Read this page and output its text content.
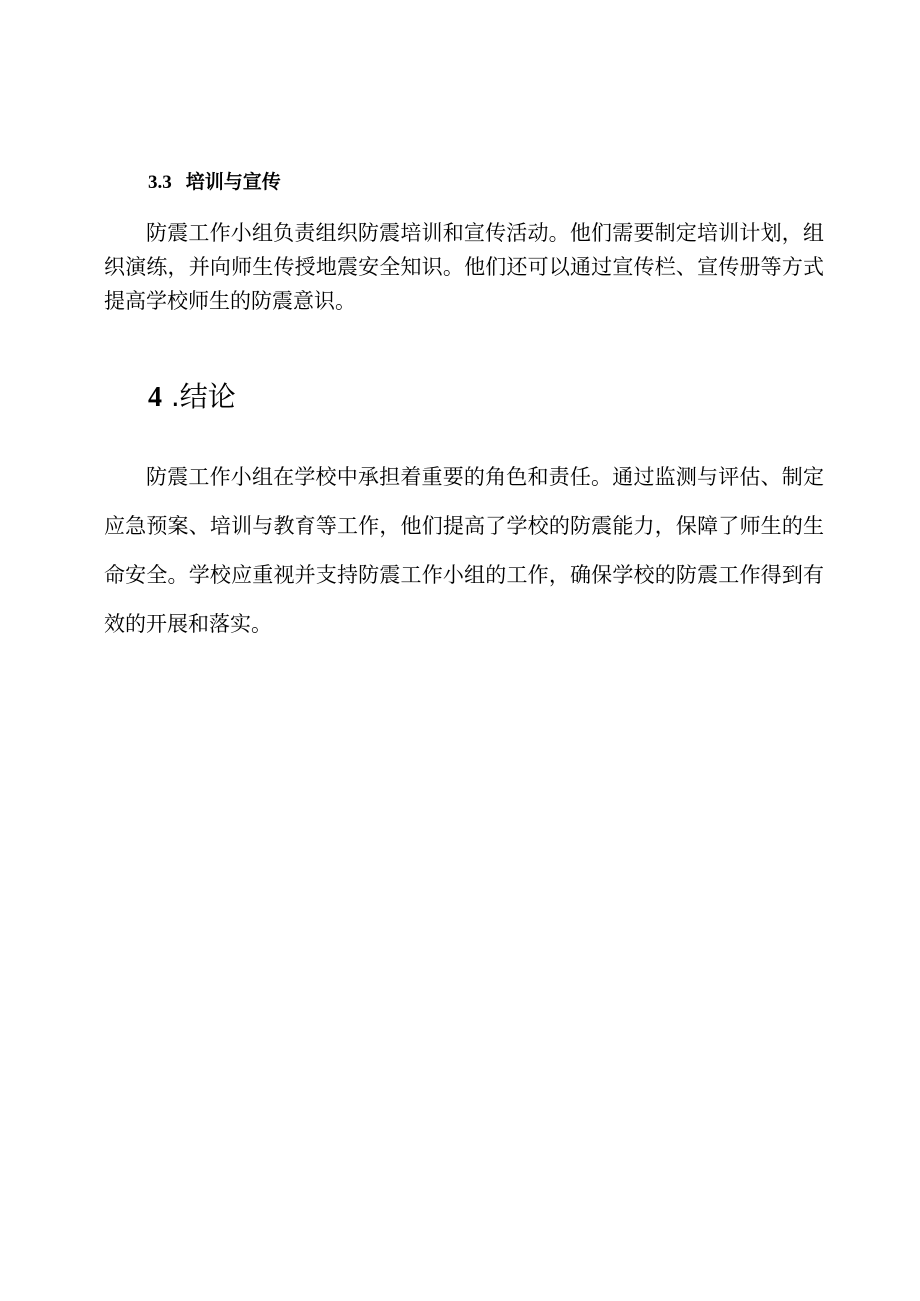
3.3 培训与宣传

防震工作小组负责组织防震培训和宣传活动。他们需要制定培训计划，组织演练，并向师生传授地震安全知识。他们还可以通过宣传栏、宣传册等方式提高学校师生的防震意识。

4 .结论

防震工作小组在学校中承担着重要的角色和责任。通过监测与评估、制定应急预案、培训与教育等工作，他们提高了学校的防震能力，保障了师生的生命安全。学校应重视并支持防震工作小组的工作，确保学校的防震工作得到有效的开展和落实。
